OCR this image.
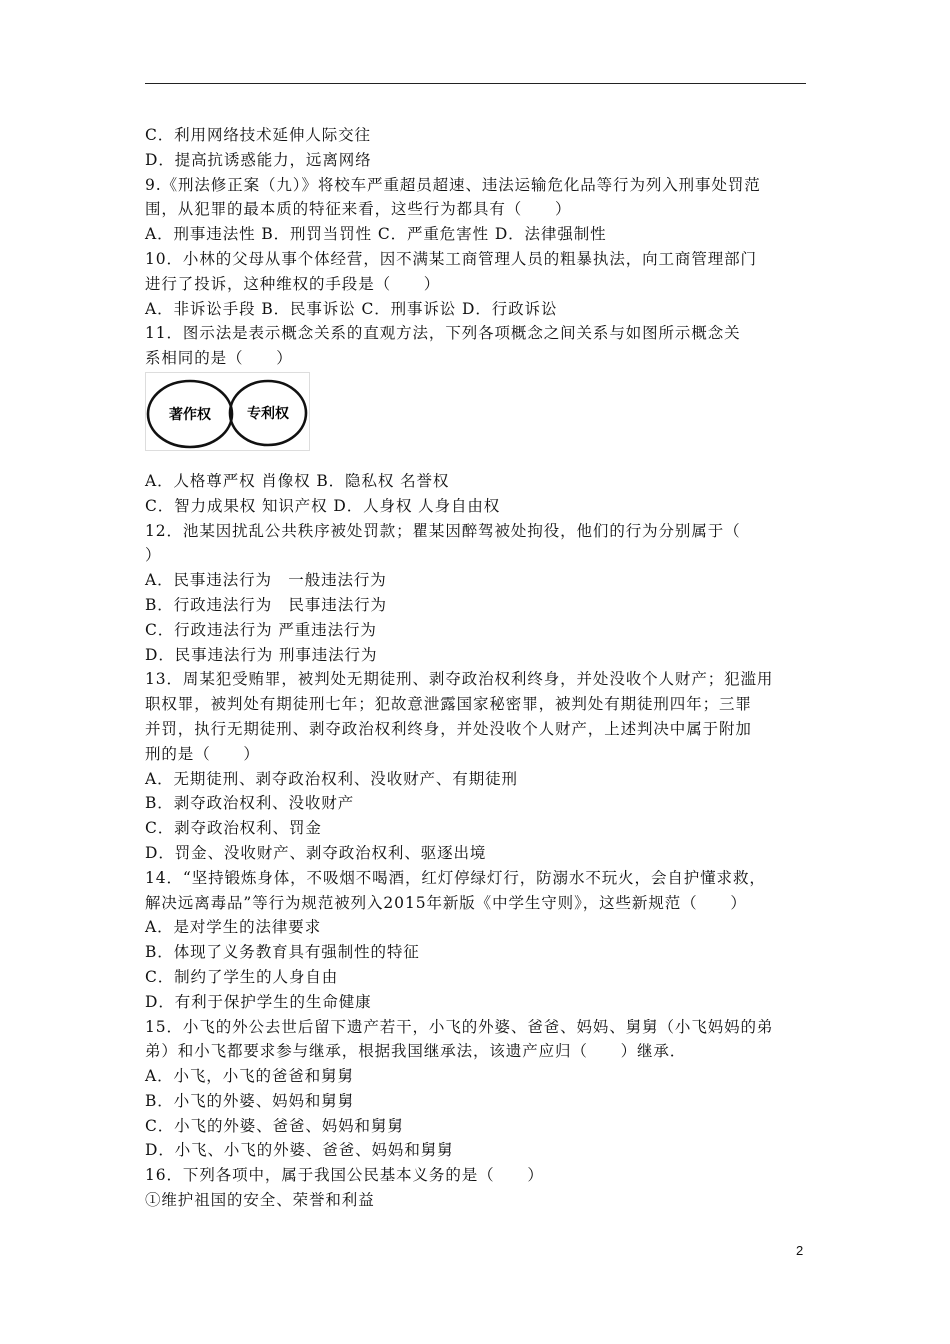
C．利用网络技术延伸人际交往
D．提高抗诱惑能力，远离网络
9.《刑法修正案（九）》将校车严重超员超速、违法运输危化品等行为列入刑事处罚范
围，从犯罪的最本质的特征来看，这些行为都具有（　　）
A．刑事违法性 B．刑罚当罚性 C．严重危害性 D．法律强制性
10．小林的父母从事个体经营，因不满某工商管理人员的粗暴执法，向工商管理部门
进行了投诉，这种维权的手段是（　　）
A．非诉讼手段 B．民事诉讼 C．刑事诉讼 D．行政诉讼
11．图示法是表示概念关系的直观方法，下列各项概念之间关系与如图所示概念关
系相同的是（　　）
著作权	专利权
A．人格尊严权 肖像权 B．隐私权 名誉权
C．智力成果权 知识产权 D．人身权 人身自由权
12．池某因扰乱公共秩序被处罚款；瞿某因醉驾被处拘役，他们的行为分别属于（
）
A．民事违法行为　一般违法行为
B．行政违法行为　民事违法行为
C．行政违法行为 严重违法行为
D．民事违法行为 刑事违法行为
13．周某犯受贿罪，被判处无期徒刑、剥夺政治权利终身，并处没收个人财产；犯滥用
职权罪，被判处有期徒刑七年；犯故意泄露国家秘密罪，被判处有期徒刑四年；三罪
并罚，执行无期徒刑、剥夺政治权利终身，并处没收个人财产，上述判决中属于附加
刑的是（　　）
A．无期徒刑、剥夺政治权利、没收财产、有期徒刑
B．剥夺政治权利、没收财产
C．剥夺政治权利、罚金
D．罚金、没收财产、剥夺政治权利、驱逐出境
14．“坚持锻炼身体，不吸烟不喝酒，红灯停绿灯行，防溺水不玩火，会自护懂求救，
解决远离毒品”等行为规范被列入2015年新版《中学生守则》，这些新规范（　　）
A．是对学生的法律要求
B．体现了义务教育具有强制性的特征
C．制约了学生的人身自由
D．有利于保护学生的生命健康
15．小飞的外公去世后留下遗产若干，小飞的外婆、爸爸、妈妈、舅舅（小飞妈妈的弟
弟）和小飞都要求参与继承，根据我国继承法，该遗产应归（　　）继承．
A．小飞，小飞的爸爸和舅舅
B．小飞的外婆、妈妈和舅舅
C．小飞的外婆、爸爸、妈妈和舅舅
D．小飞、小飞的外婆、爸爸、妈妈和舅舅
16．下列各项中，属于我国公民基本义务的是（　　）
①维护祖国的安全、荣誉和利益
2
